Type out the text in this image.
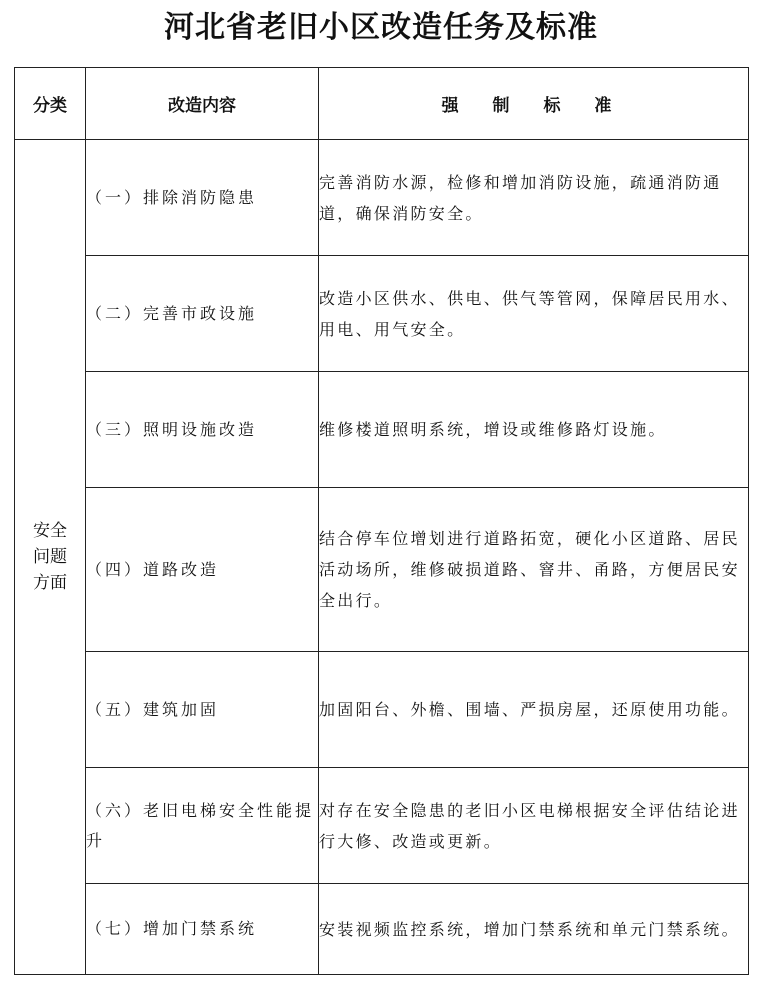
河北省老旧小区改造任务及标准
分类	改造内容	强 制 标 准
安全问题方面	（一）排除消防隐患	完善消防水源，检修和增加消防设施，疏通消防通道，确保消防安全。
	（二）完善市政设施	改造小区供水、供电、供气等管网，保障居民用水、用电、用气安全。
	（三）照明设施改造	维修楼道照明系统，增设或维修路灯设施。
	（四）道路改造	结合停车位增划进行道路拓宽，硬化小区道路、居民活动场所，维修破损道路、窨井、甬路，方便居民安全出行。
	（五）建筑加固	加固阳台、外檐、围墙、严损房屋，还原使用功能。
	（六）老旧电梯安全性能提升	对存在安全隐患的老旧小区电梯根据安全评估结论进行大修、改造或更新。
	（七）增加门禁系统	安装视频监控系统，增加门禁系统和单元门禁系统。
